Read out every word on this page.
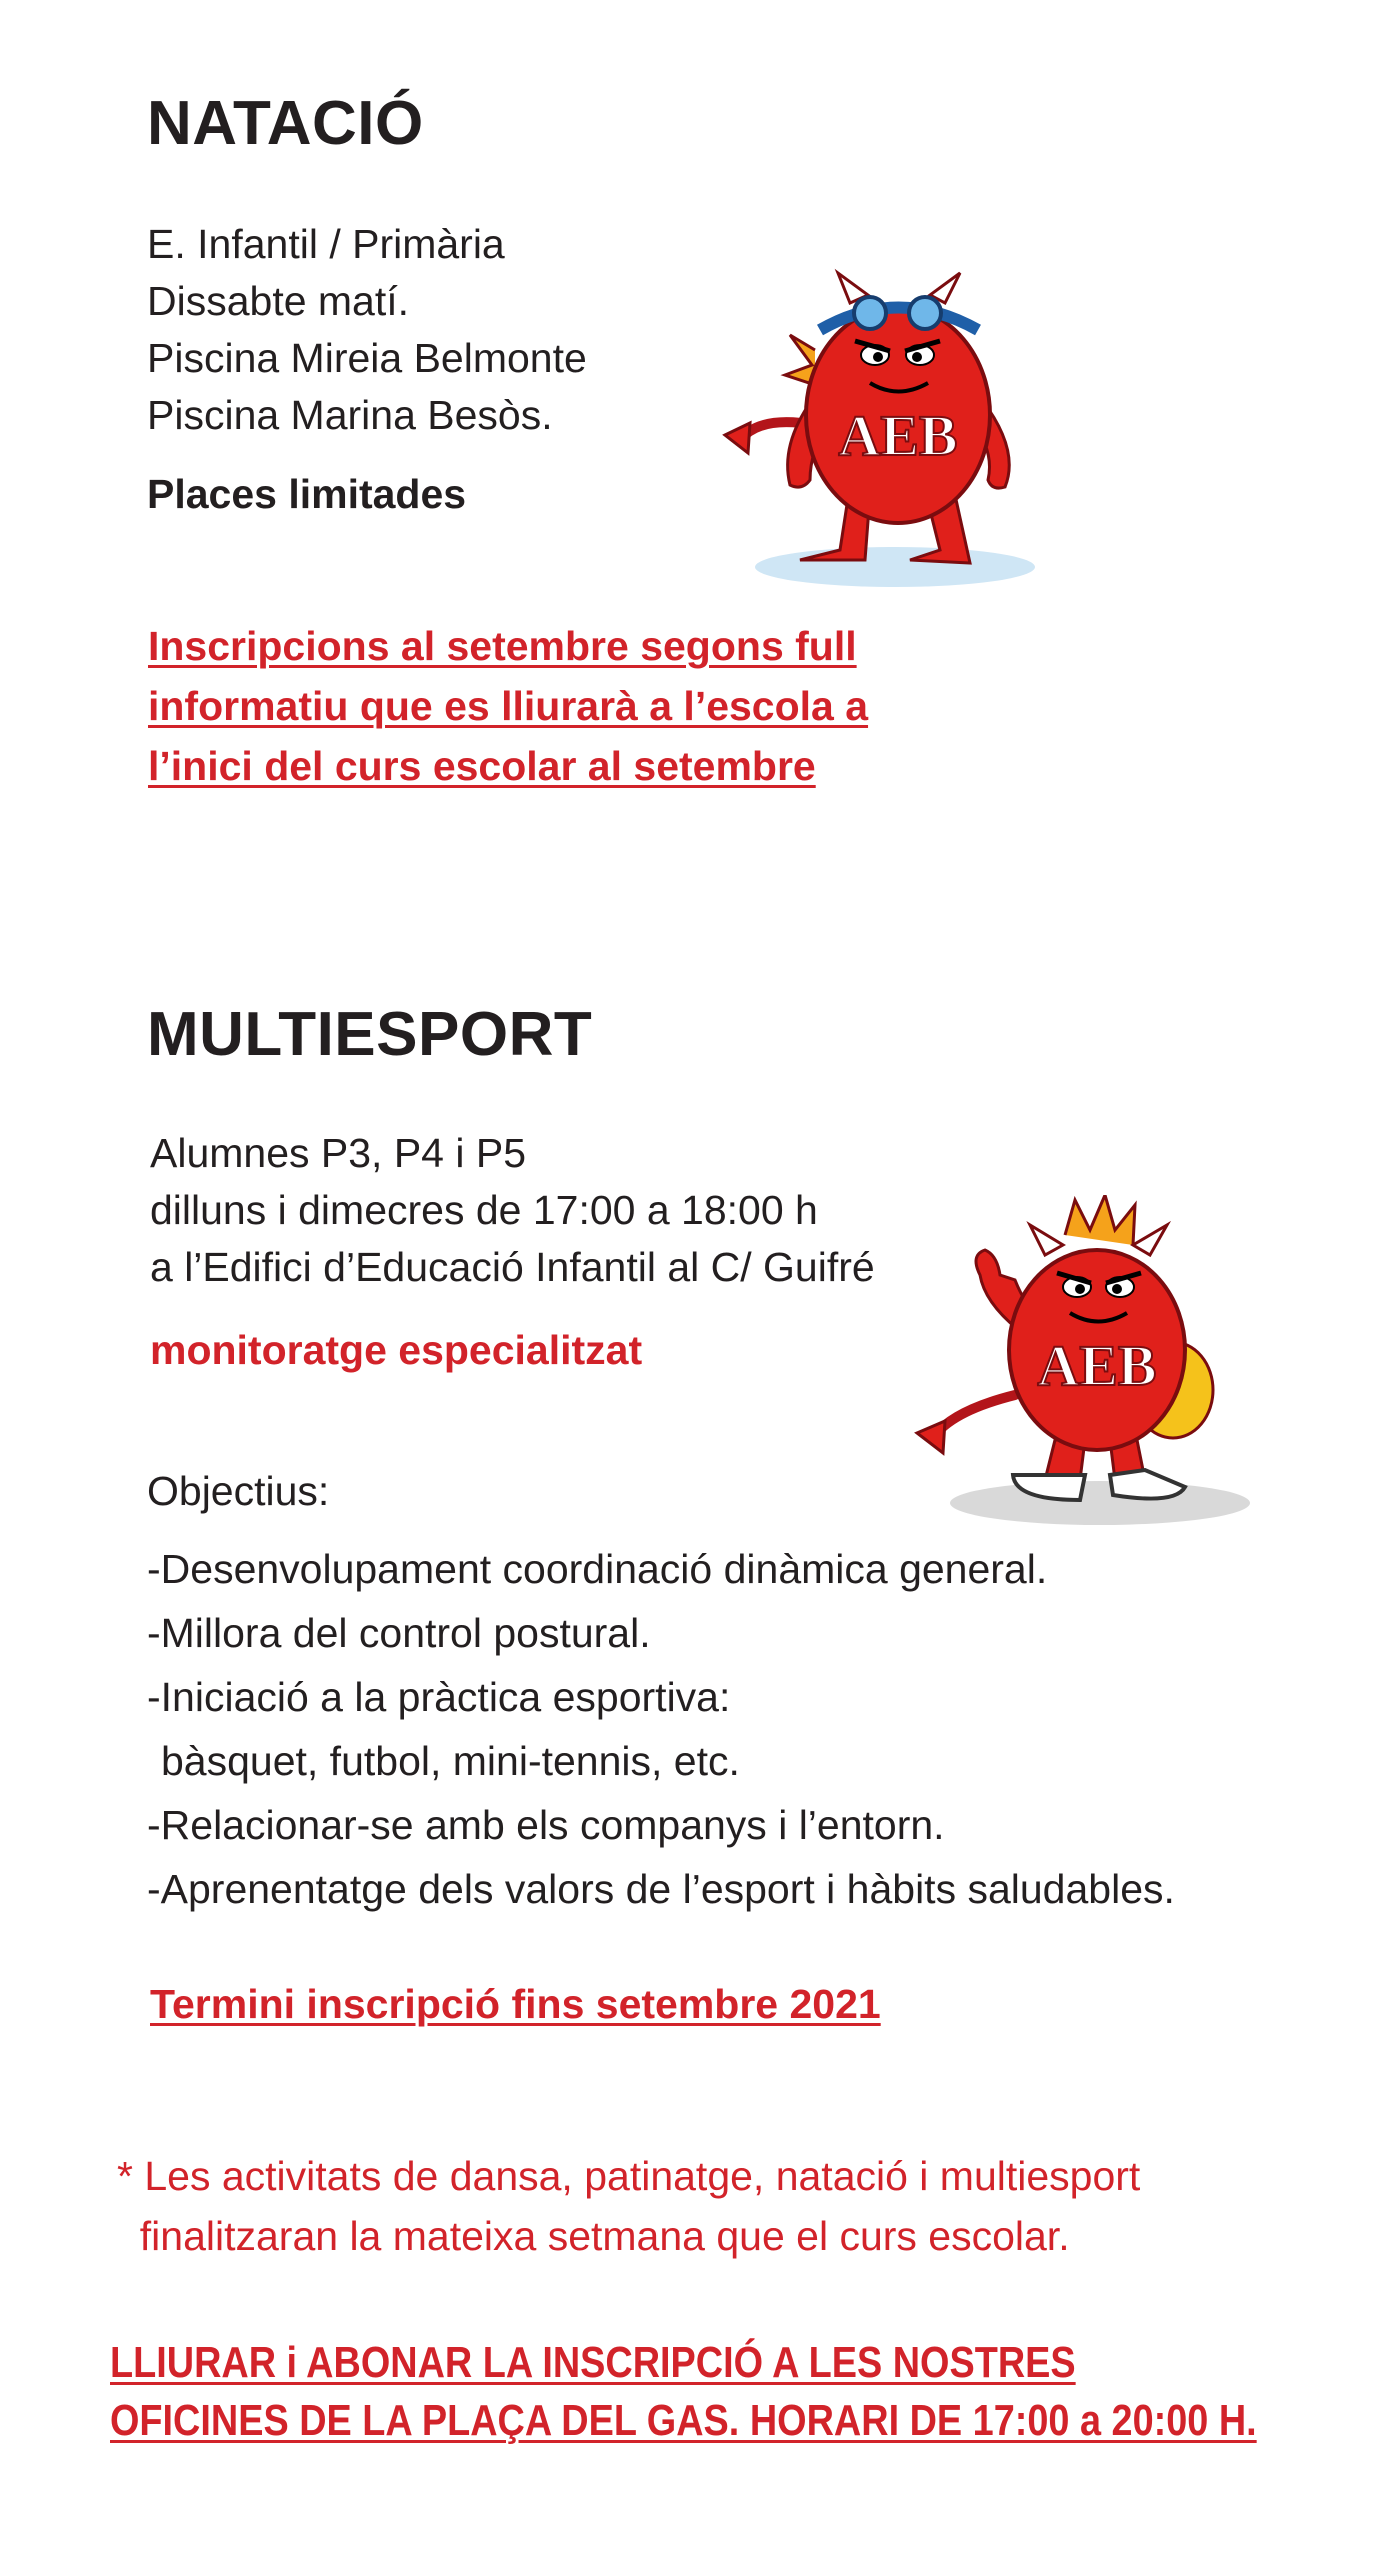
NATACIÓ
E. Infantil / Primària
Dissabte matí.
Piscina Mireia Belmonte
Piscina Marina Besòs.
Places limitades
Inscripcions al setembre segons full
informatiu que es lliurarà a l’escola a
l’inici del curs escolar al setembre
AEB
MULTIESPORT
Alumnes P3, P4 i P5
dilluns i dimecres de 17:00 a 18:00 h
a l’Edifici d’Educació Infantil al C/ Guifré
monitoratge especialitzat
Objectius:
-Desenvolupament coordinació dinàmica general.
-Millora del control postural.
-Iniciació a la pràctica esportiva:
bàsquet, futbol, mini-tennis, etc.
-Relacionar-se amb els companys i l’entorn.
-Aprenentatge dels valors de l’esport i hàbits saludables.
Termini inscripció fins setembre 2021
AEB
* Les activitats de dansa, patinatge, natació i multiesport
finalitzaran la mateixa setmana que el curs escolar.
LLIURAR i ABONAR LA INSCRIPCIÓ A LES NOSTRES
OFICINES DE LA PLAÇA DEL GAS. HORARI DE 17:00 a 20:00 H.
